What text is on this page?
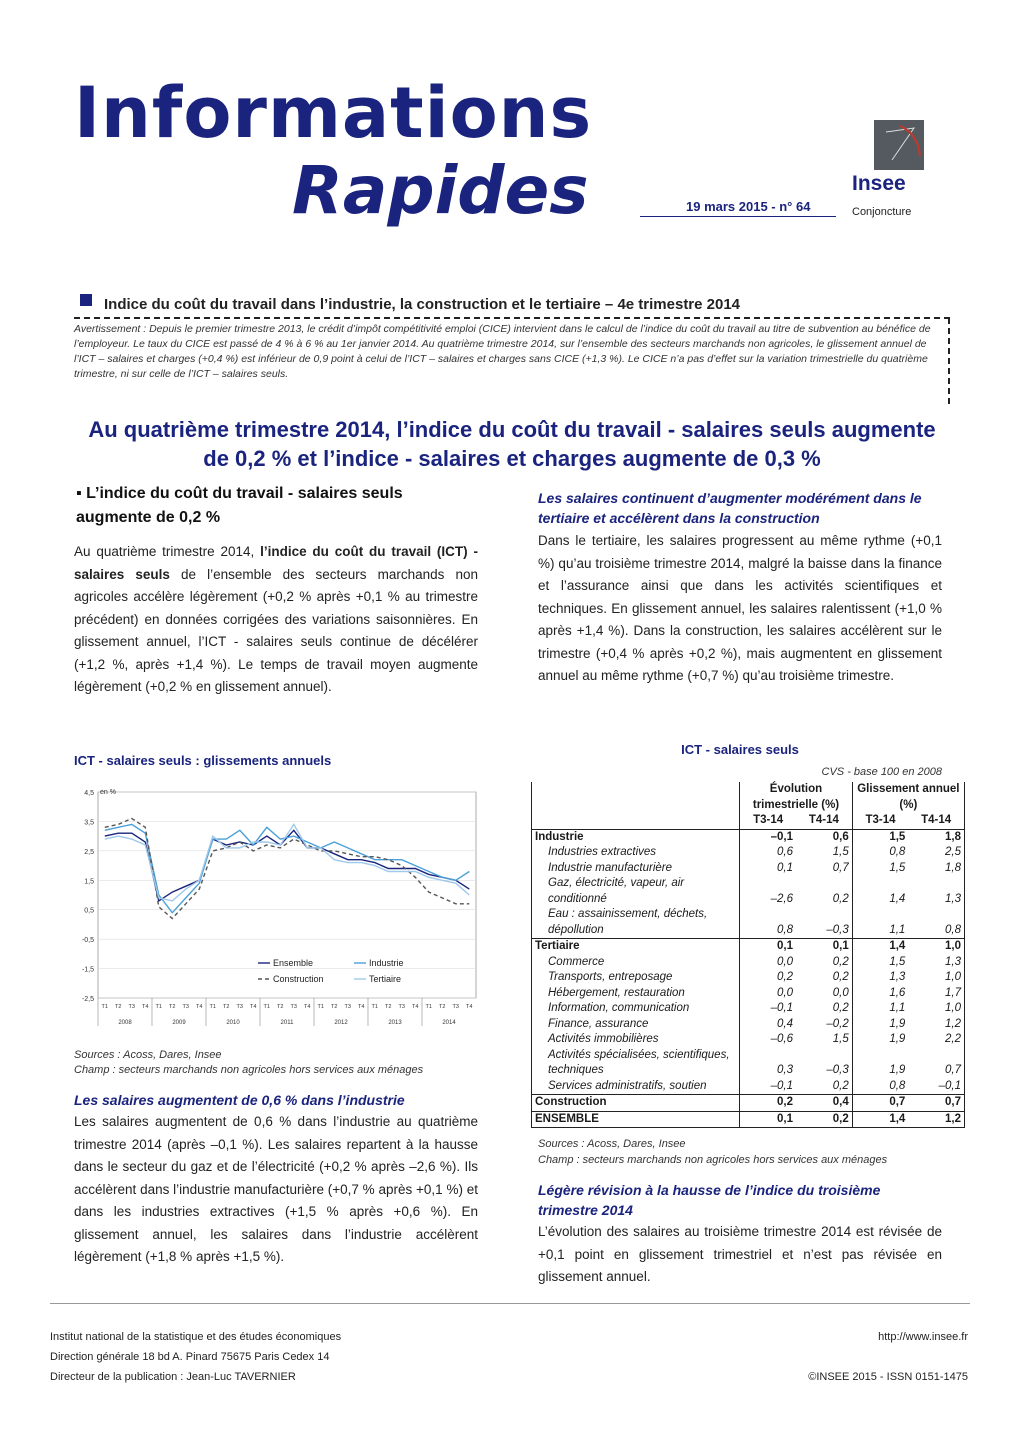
Informations
Rapides	19 mars 2015 - n° 64
Insee
Conjoncture
Indice du coût du travail dans l’industrie, la construction et le tertiaire – 4e trimestre 2014
Avertissement : Depuis le premier trimestre 2013, le crédit d’impôt compétitivité emploi (CICE) intervient dans le calcul de l’indice du coût du travail au titre de subvention au bénéfice de l’employeur. Le taux du CICE est passé de 4 % à 6 % au 1er janvier 2014. Au quatrième trimestre 2014, sur l’ensemble des secteurs marchands non agricoles, le glissement annuel de l’ICT – salaires et charges (+0,4 %) est inférieur de 0,9 point à celui de l’ICT – salaires et charges sans CICE (+1,3 %). Le CICE n’a pas d’effet sur la variation trimestrielle du quatrième trimestre, ni sur celle de l’ICT – salaires seuls.
Au quatrième trimestre 2014, l’indice du coût du travail - salaires seuls augmente de 0,2 % et l’indice - salaires et charges augmente de 0,3 %
▪ L’indice du coût du travail - salaires seuls augmente de 0,2 %
Au quatrième trimestre 2014, l’indice du coût du travail (ICT) - salaires seuls de l’ensemble des secteurs marchands non agricoles accélère légèrement (+0,2 % après +0,1 % au trimestre précédent) en données corrigées des variations saisonnières. En glissement annuel, l’ICT - salaires seuls continue de décélérer (+1,2 %, après +1,4 %). Le temps de travail moyen augmente légèrement (+0,2 % en glissement annuel).
ICT - salaires seuls : glissements annuels
4,5
3,5
2,5
1,5
0,5
-0,5
-1,5
-2,5
en %
T1 T2 T3 T4 T1 T2 T3 T4 T1 T2 T3 T4 T1 T2 T3 T4 T1 T2 T3 T4 T1 T2 T3 T4 T1 T2 T3 T4
2008	2009	2010	2011	2012	2013	2014
Ensemble	Industrie
Construction	Tertiaire
Sources : Acoss, Dares, Insee
Champ : secteurs marchands non agricoles hors services aux ménages
Les salaires augmentent de 0,6 % dans l’industrie
Les salaires augmentent de 0,6 % dans l’industrie au quatrième trimestre 2014 (après –0,1 %). Les salaires repartent à la hausse dans le secteur du gaz et de l’électricité (+0,2 % après –2,6 %). Ils accélèrent dans l’industrie manufacturière (+0,7 % après +0,1 %) et dans les industries extractives (+1,5 % après +0,6 %). En glissement annuel, les salaires dans l’industrie accélèrent légèrement (+1,8 % après +1,5 %).
Les salaires continuent d’augmenter modérément dans le tertiaire et accélèrent dans la construction
Dans le tertiaire, les salaires progressent au même rythme (+0,1 %) qu’au troisième trimestre 2014, malgré la baisse dans la finance et l’assurance ainsi que dans les activités scientifiques et techniques. En glissement annuel, les salaires ralentissent (+1,0 % après +1,4 %). Dans la construction, les salaires accélèrent sur le trimestre (+0,4 % après +0,2 %), mais augmentent en glissement annuel au même rythme (+0,7 %) qu’au troisième trimestre.
ICT - salaires seuls
CVS - base 100 en 2008
	Évolution trimestrielle (%)		Glissement annuel (%)	
	T3-14	T4-14	T3-14	T4-14
Industrie	–0,1	0,6	1,5	1,8
Industries extractives	0,6	1,5	0,8	2,5
Industrie manufacturière	0,1	0,7	1,5	1,8
Gaz, électricité, vapeur, air conditionné	–2,6	0,2	1,4	1,3
Eau : assainissement, déchets, dépollution	0,8	–0,3	1,1	0,8
Tertiaire	0,1	0,1	1,4	1,0
Commerce	0,0	0,2	1,5	1,3
Transports, entreposage	0,2	0,2	1,3	1,0
Hébergement, restauration	0,0	0,0	1,6	1,7
Information, communication	–0,1	0,2	1,1	1,0
Finance, assurance	0,4	–0,2	1,9	1,2
Activités immobilières	–0,6	1,5	1,9	2,2
Activités spécialisées, scientifiques, techniques	0,3	–0,3	1,9	0,7
Services administratifs, soutien	–0,1	0,2	0,8	–0,1
Construction	0,2	0,4	0,7	0,7
ENSEMBLE	0,1	0,2	1,4	1,2
Sources : Acoss, Dares, Insee
Champ : secteurs marchands non agricoles hors services aux ménages
Légère révision à la hausse de l’indice du troisième trimestre 2014
L’évolution des salaires au troisième trimestre 2014 est révisée de +0,1 point en glissement trimestriel et n’est pas révisée en glissement annuel.
Institut national de la statistique et des études économiques
Direction générale 18 bd A. Pinard 75675 Paris Cedex 14
Directeur de la publication : Jean-Luc TAVERNIER
http://www.insee.fr

©INSEE 2015 - ISSN 0151-1475
